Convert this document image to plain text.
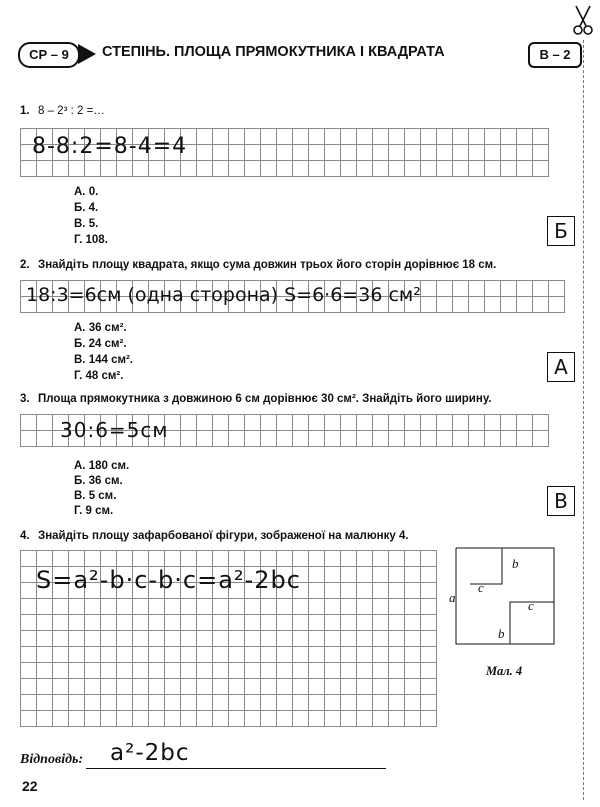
СР – 9	СТЕПІНЬ. ПЛОЩА ПРЯМОКУТНИКА І КВАДРАТА	В – 2
1. 8 – 2³ : 2 =…
8-8:2=8-4=4
А. 0.
Б. 4.
В. 5.
Г. 108.	Б
2. Знайдіть площу квадрата, якщо сума довжин трьох його сторін дорівнює 18 см.
18:3=6см (одна сторона) S=6·6=36 см²
А. 36 см².
Б. 24 см².
В. 144 см².
Г. 48 см².	А
3. Площа прямокутника з довжиною 6 см дорівнює 30 см². Знайдіть його ширину.
30:6=5см
А. 180 см.
Б. 36 см.
В. 5 см.
Г. 9 см.	В
4. Знайдіть площу зафарбованої фігури, зображеної на малюнку 4.
S=a²-b·c-b·c=a²-2bc
a
b
c
c
b
Мал. 4
Відповідь: a²-2bc
22
